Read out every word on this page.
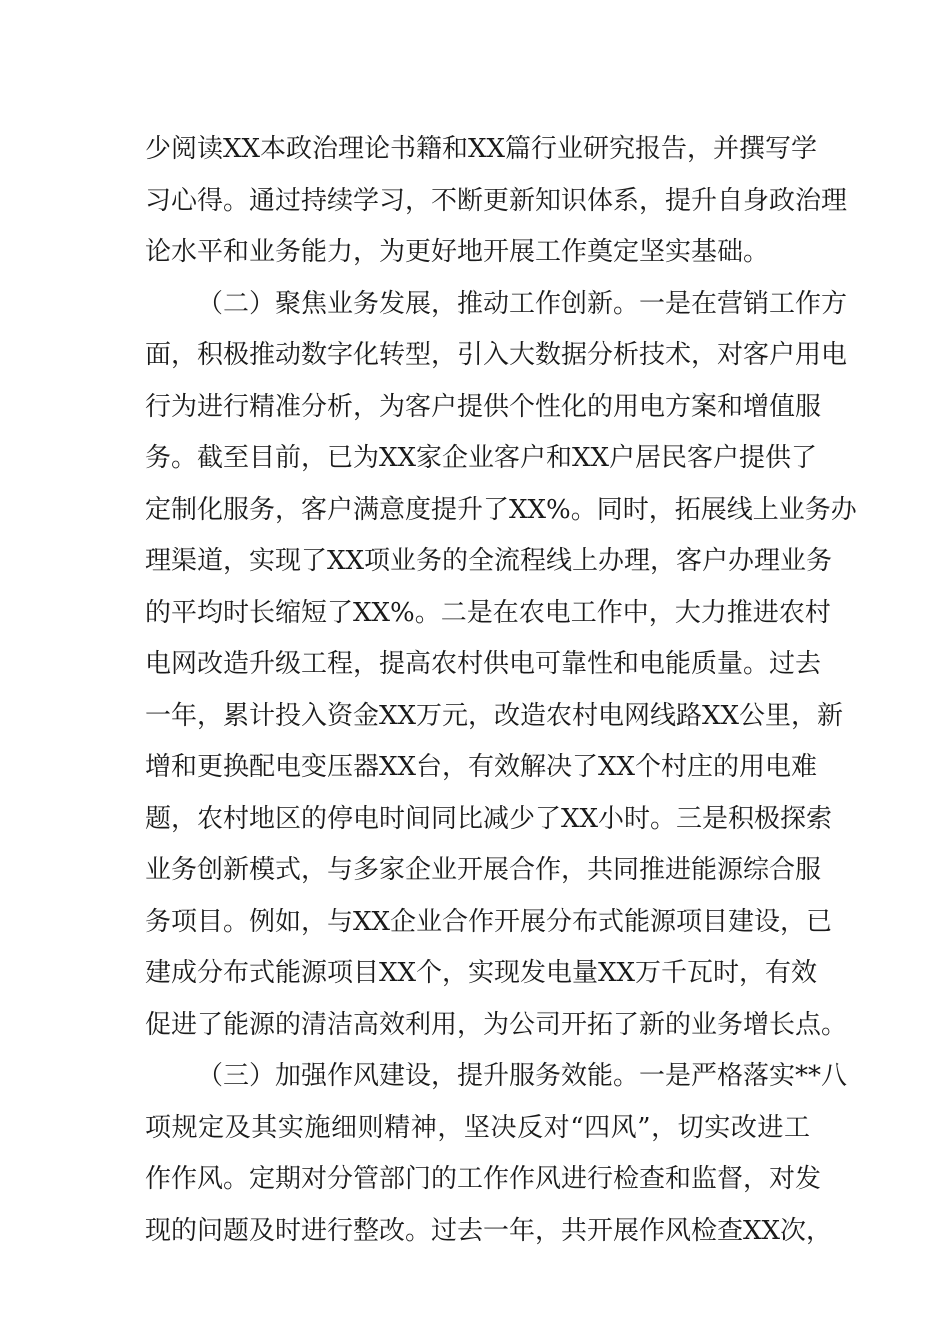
少阅读XX本政治理论书籍和XX篇行业研究报告，并撰写学
习心得。通过持续学习，不断更新知识体系，提升自身政治理
论水平和业务能力，为更好地开展工作奠定坚实基础。
（二）聚焦业务发展，推动工作创新。一是在营销工作方
面，积极推动数字化转型，引入大数据分析技术，对客户用电
行为进行精准分析，为客户提供个性化的用电方案和增值服
务。截至目前，已为XX家企业客户和XX户居民客户提供了
定制化服务，客户满意度提升了XX%。同时，拓展线上业务办
理渠道，实现了XX项业务的全流程线上办理，客户办理业务
的平均时长缩短了XX%。二是在农电工作中，大力推进农村
电网改造升级工程，提高农村供电可靠性和电能质量。过去
一年，累计投入资金XX万元，改造农村电网线路XX公里，新
增和更换配电变压器XX台，有效解决了XX个村庄的用电难
题，农村地区的停电时间同比减少了XX小时。三是积极探索
业务创新模式，与多家企业开展合作，共同推进能源综合服
务项目。例如，与XX企业合作开展分布式能源项目建设，已
建成分布式能源项目XX个，实现发电量XX万千瓦时，有效
促进了能源的清洁高效利用，为公司开拓了新的业务增长点。
（三）加强作风建设，提升服务效能。一是严格落实**八
项规定及其实施细则精神，坚决反对“四风”，切实改进工
作作风。定期对分管部门的工作作风进行检查和监督，对发
现的问题及时进行整改。过去一年，共开展作风检查XX次，
